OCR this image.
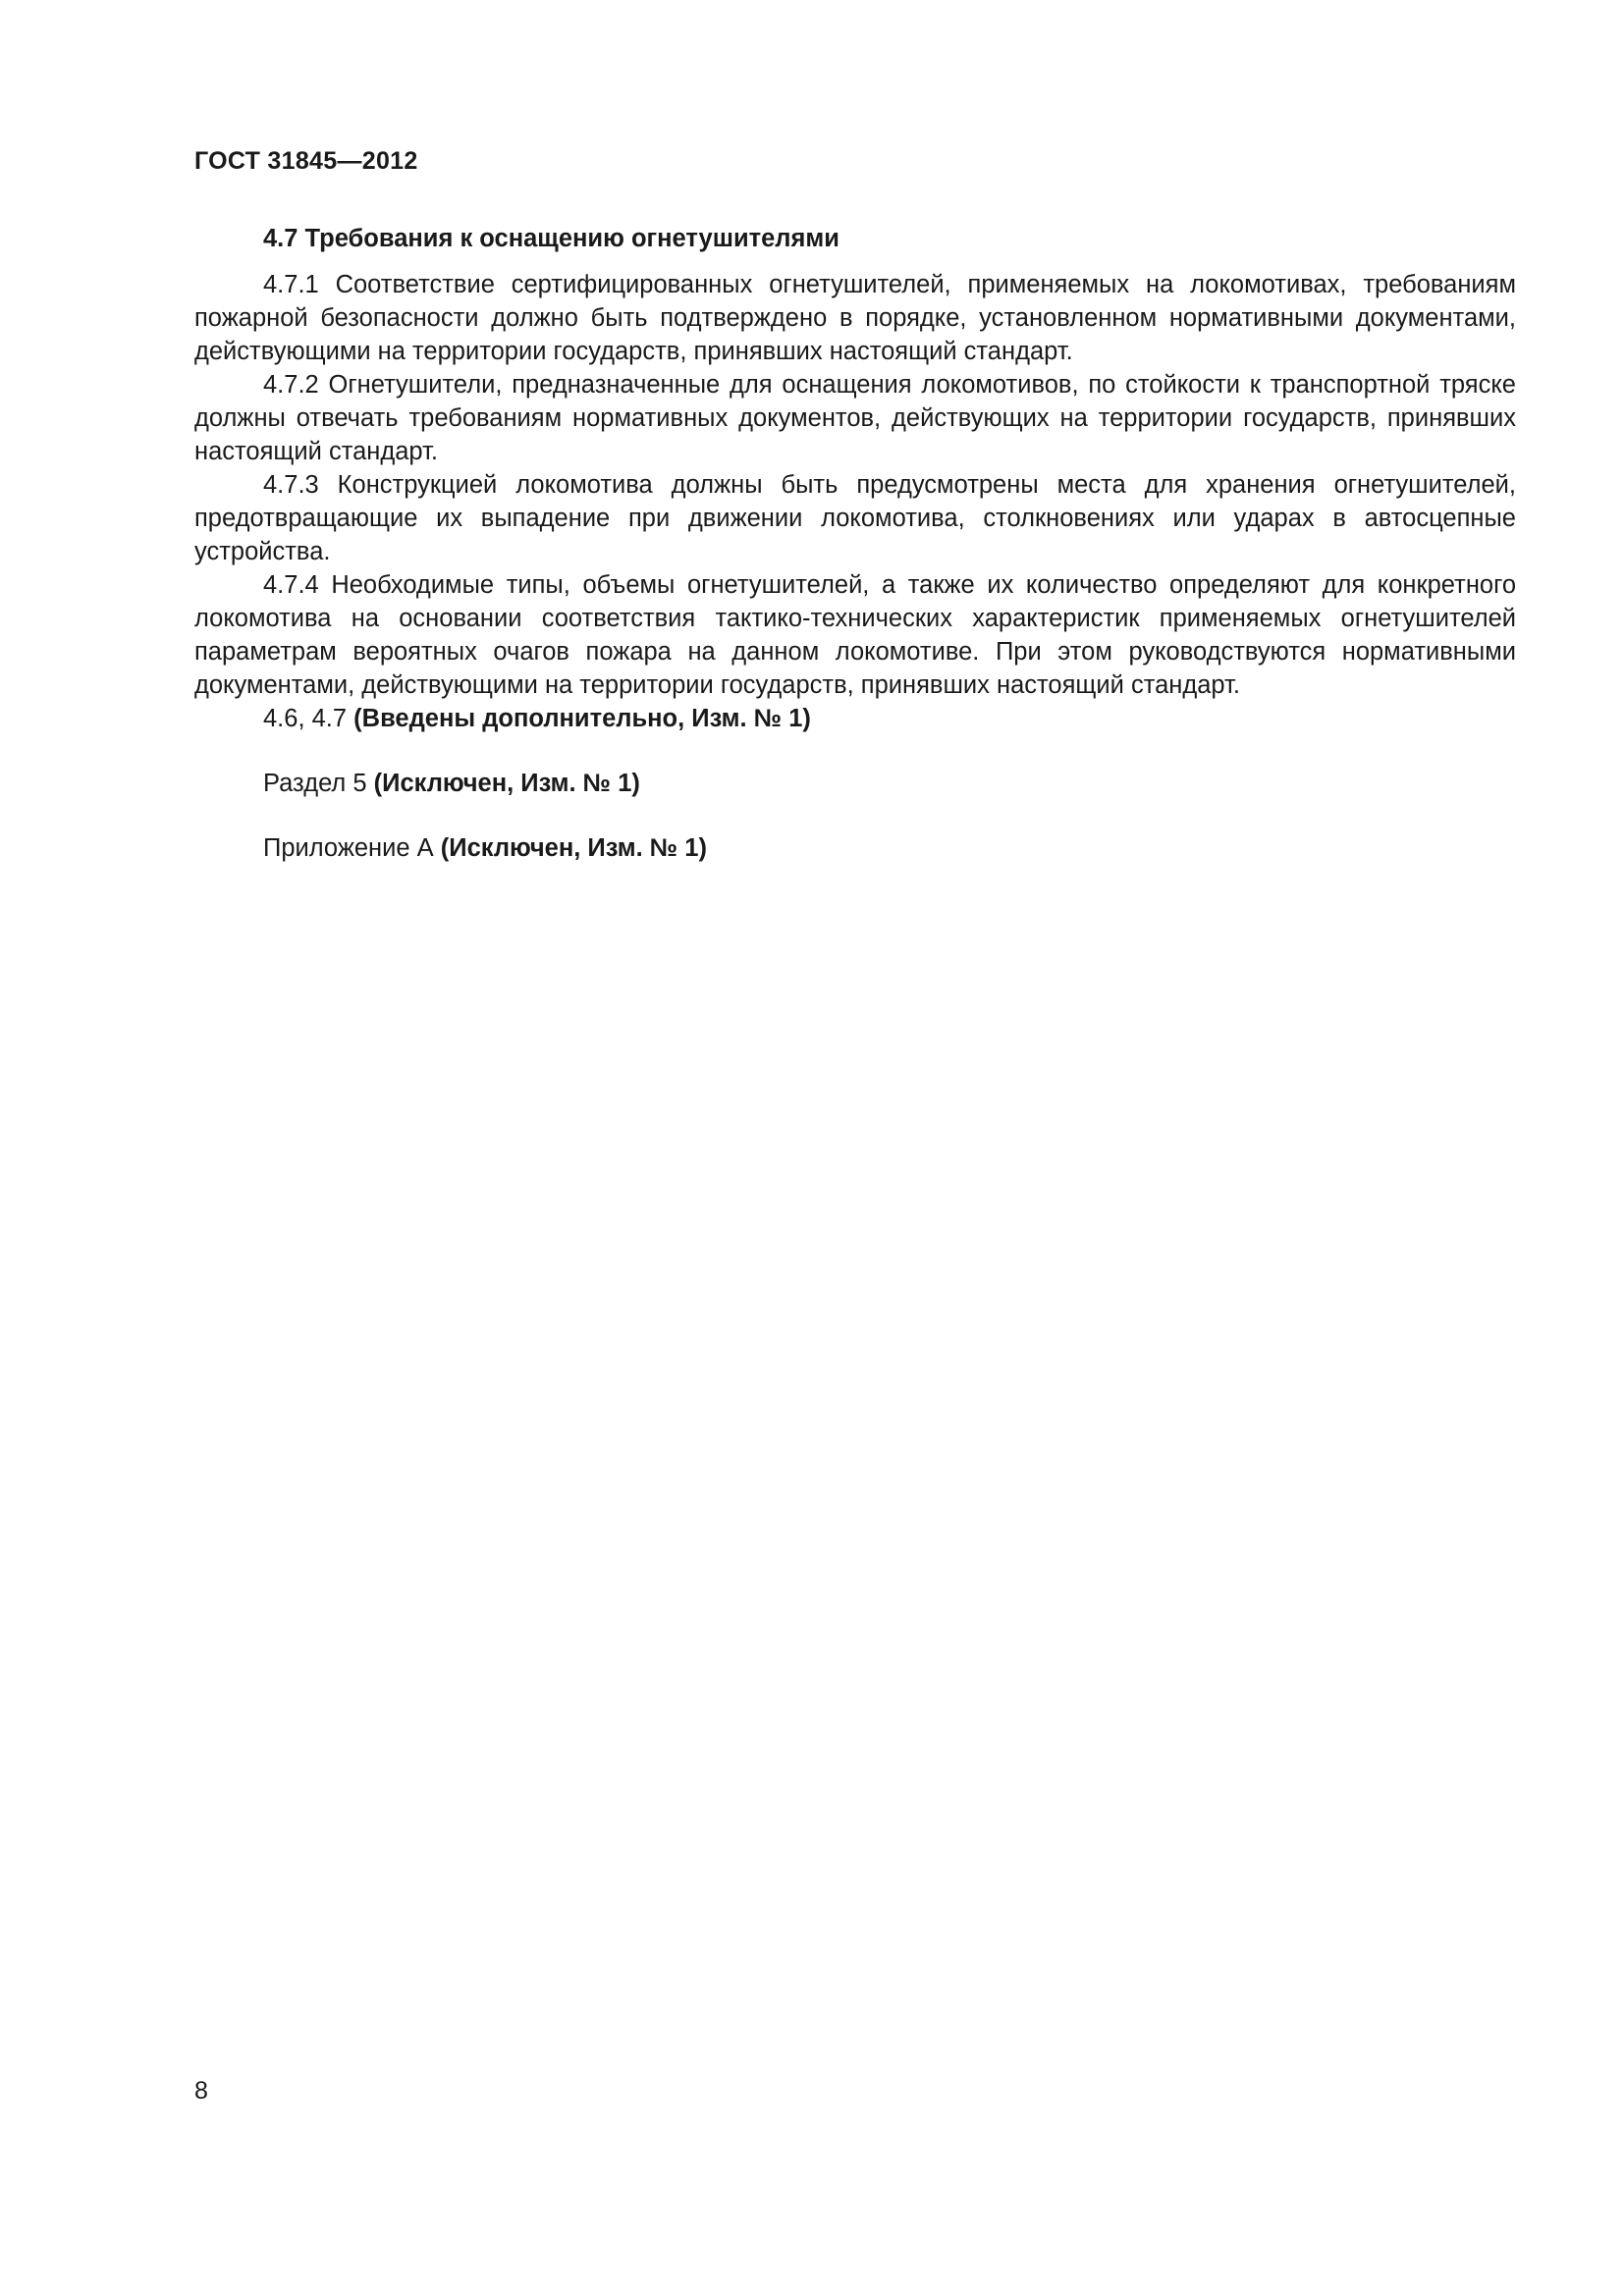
ГОСТ 31845—2012

4.7 Требования к оснащению огнетушителями

4.7.1 Соответствие сертифицированных огнетушителей, применяемых на локомотивах, требованиям пожарной безопасности должно быть подтверждено в порядке, установленном нормативными документами, действующими на территории государств, принявших настоящий стандарт.

4.7.2 Огнетушители, предназначенные для оснащения локомотивов, по стойкости к транспортной тряске должны отвечать требованиям нормативных документов, действующих на территории государств, принявших настоящий стандарт.

4.7.3 Конструкцией локомотива должны быть предусмотрены места для хранения огнетушителей, предотвращающие их выпадение при движении локомотива, столкновениях или ударах в автосцепные устройства.

4.7.4 Необходимые типы, объемы огнетушителей, а также их количество определяют для конкретного локомотива на основании соответствия тактико-технических характеристик применяемых огнетушителей параметрам вероятных очагов пожара на данном локомотиве. При этом руководствуются нормативными документами, действующими на территории государств, принявших настоящий стандарт.

4.6, 4.7 (Введены дополнительно, Изм. № 1)

Раздел 5 (Исключен, Изм. № 1)

Приложение А (Исключен, Изм. № 1)

8
